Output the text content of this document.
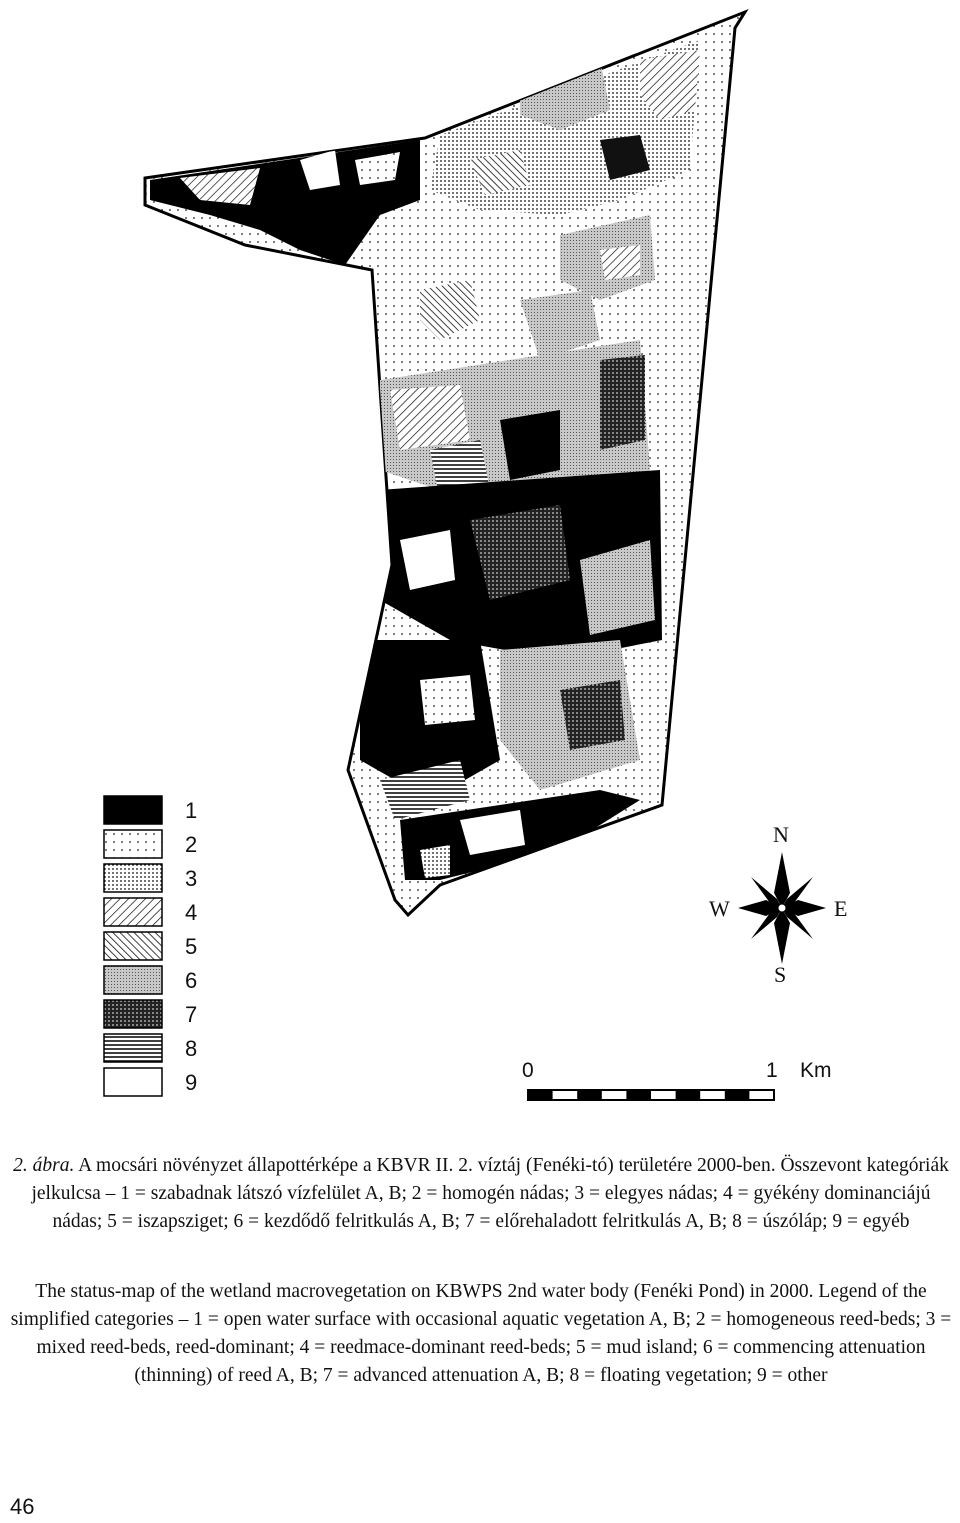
1
2
3
4
5
6
7
8
9
N
S
W	E
0	1 Km

2. ábra. A mocsári növényzet állapottérképe a KBVR II. 2. víztáj (Fenéki-tó) területére 2000-ben. Összevont kategóriák jelkulcsa – 1 = szabadnak látszó vízfelület A, B; 2 = homogén nádas; 3 = elegyes nádas; 4 = gyékény dominanciájú nádas; 5 = iszapsziget; 6 = kezdődő felritkulás A, B; 7 = előrehaladott felritkulás A, B; 8 = úszóláp; 9 = egyéb

The status-map of the wetland macrovegetation on KBWPS 2nd water body (Fenéki Pond) in 2000. Legend of the simplified categories – 1 = open water surface with occasional aquatic vegetation A, B; 2 = homogeneous reed-beds; 3 = mixed reed-beds, reed-dominant; 4 = reedmace-dominant reed-beds; 5 = mud island; 6 = commencing attenuation (thinning) of reed A, B; 7 = advanced attenuation A, B; 8 = floating vegetation; 9 = other

46
